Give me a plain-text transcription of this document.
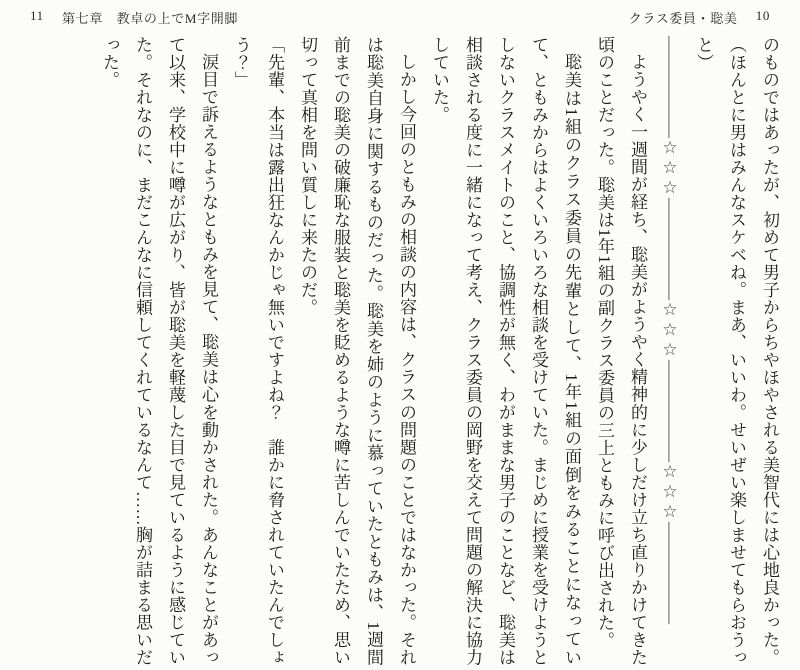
11 第七章　教卓の上でM字開脚	クラス委員・聡美 10

のものではあったが、初めて男子からちやほやされる美智代には心地良かった。（ほんとに男はみんなスケベね。まあ、いいわ。せいぜい楽しませてもらおうっと）

――――――☆☆☆――――――☆☆☆――――――☆☆☆――――――

ようやく一週間が経ち、聡美がようやく精神的に少しだけ立ち直りかけてきた頃のことだった。聡美は1年1組の副クラス委員の三上ともみに呼び出された。

聡美は1組のクラス委員の先輩として、1年1組の面倒をみることになっていて、ともみからはよくいろいろな相談を受けていた。まじめに授業を受けようとしないクラスメイトのこと、協調性が無く、わがままな男子のことなど、聡美は相談される度に一緒になって考え、クラス委員の岡野を交えて問題の解決に協力していた。

しかし今回のともみの相談の内容は、クラスの問題のことではなかった。それは聡美自身に関するものだった。聡美を姉のように慕っていたともみは、1週間前までの聡美の破廉恥な服装と聡美を貶めるような噂に苦しんでいたため、思い切って真相を問い質しに来たのだ。

「先輩、本当は露出狂なんかじゃ無いですよね？　誰かに脅されていたんでしょう？」

涙目で訴えるようなともみを見て、聡美は心を動かされた。あんなことがあって以来、学校中に噂が広がり、皆が聡美を軽蔑した目で見ているように感じていた。それなのに、まだこんなに信頼してくれているなんて……胸が詰まる思いだった。
